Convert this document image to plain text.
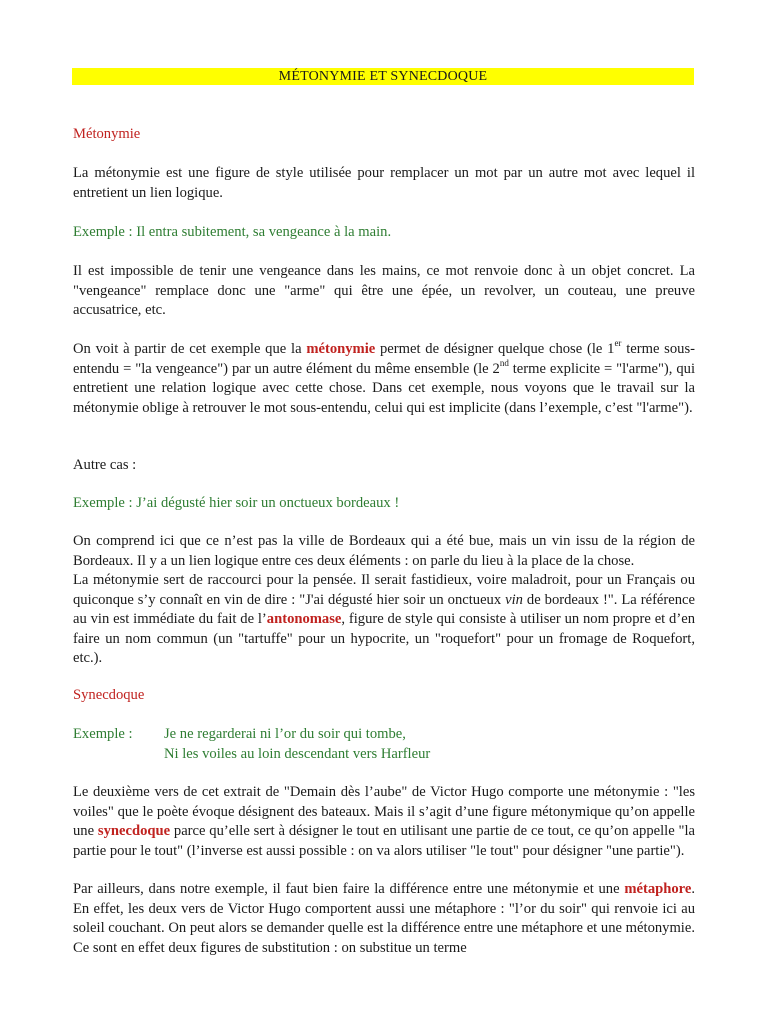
MÉTONYMIE ET SYNECDOQUE
Métonymie
La métonymie est une figure de style utilisée pour remplacer un mot par un autre mot avec lequel il entretient un lien logique.
Exemple : Il entra subitement, sa vengeance à la main.
Il est impossible de tenir une vengeance dans les mains, ce mot renvoie donc à un objet concret. La "vengeance" remplace donc une "arme" qui être une épée, un revolver, un couteau, une preuve accusatrice, etc.
On voit à partir de cet exemple que la métonymie permet de désigner quelque chose (le 1er terme sous-entendu = "la vengeance") par un autre élément du même ensemble (le 2nd terme explicite = "l'arme"), qui entretient une relation logique avec cette chose. Dans cet exemple, nous voyons que le travail sur la métonymie oblige à retrouver le mot sous-entendu, celui qui est implicite (dans l’exemple, c’est "l'arme").
Autre cas :
Exemple : J’ai dégusté hier soir un onctueux bordeaux !
On comprend ici que ce n’est pas la ville de Bordeaux qui a été bue, mais un vin issu de la région de Bordeaux. Il y a un lien logique entre ces deux éléments : on parle du lieu à la place de la chose.
La métonymie sert de raccourci pour la pensée. Il serait fastidieux, voire maladroit, pour un Français ou quiconque s’y connaît en vin de dire : "J'ai dégusté hier soir un onctueux vin de bordeaux !". La référence au vin est immédiate du fait de l’antonomase, figure de style qui consiste à utiliser un nom propre et d’en faire un nom commun (un "tartuffe" pour un hypocrite, un "roquefort" pour un fromage de Roquefort, etc.).
Synecdoque
Exemple : Je ne regarderai ni l’or du soir qui tombe,
Ni les voiles au loin descendant vers Harfleur
Le deuxième vers de cet extrait de "Demain dès l’aube" de Victor Hugo comporte une métonymie : "les voiles" que le poète évoque désignent des bateaux. Mais il s’agit d’une figure métonymique qu’on appelle une synecdoque parce qu’elle sert à désigner le tout en utilisant une partie de ce tout, ce qu’on appelle "la partie pour le tout" (l’inverse est aussi possible : on va alors utiliser "le tout" pour désigner "une partie").
Par ailleurs, dans notre exemple, il faut bien faire la différence entre une métonymie et une métaphore. En effet, les deux vers de Victor Hugo comportent aussi une métaphore : "l’or du soir" qui renvoie ici au soleil couchant. On peut alors se demander quelle est la différence entre une métaphore et une métonymie. Ce sont en effet deux figures de substitution : on substitue un terme
